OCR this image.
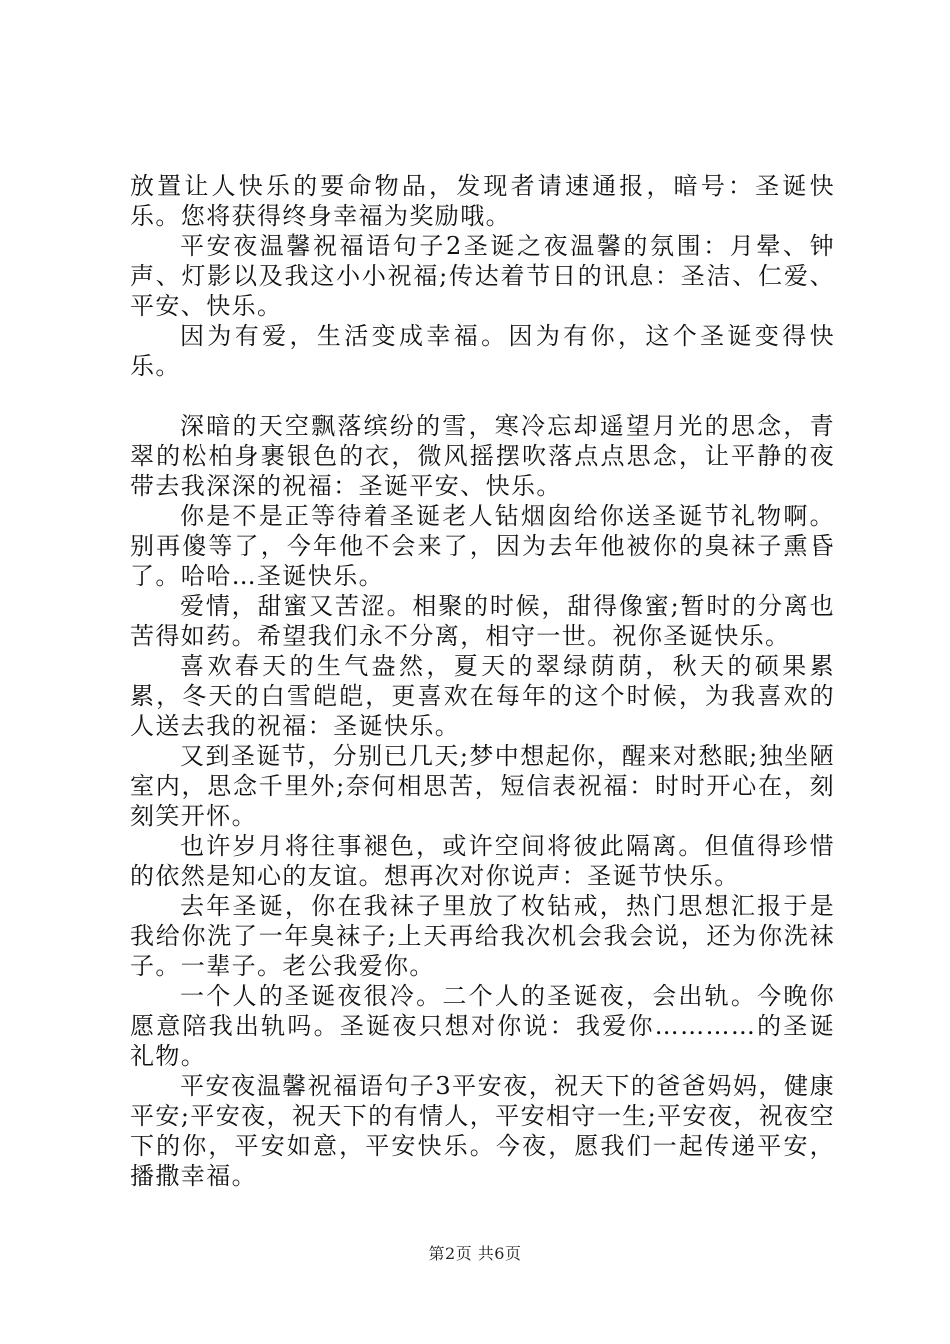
放置让人快乐的要命物品，发现者请速通报，暗号：圣诞快乐。您将获得终身幸福为奖励哦。

平安夜温馨祝福语句子2圣诞之夜温馨的氛围：月晕、钟声、灯影以及我这小小祝福;传达着节日的讯息：圣洁、仁爱、平安、快乐。

因为有爱，生活变成幸福。因为有你，这个圣诞变得快乐。

深暗的天空飘落缤纷的雪，寒冷忘却遥望月光的思念，青翠的松柏身裹银色的衣，微风摇摆吹落点点思念，让平静的夜带去我深深的祝福：圣诞平安、快乐。

你是不是正等待着圣诞老人钻烟囱给你送圣诞节礼物啊。别再傻等了，今年他不会来了，因为去年他被你的臭袜子熏昏了。哈哈…圣诞快乐。

爱情，甜蜜又苦涩。相聚的时候，甜得像蜜;暂时的分离也苦得如药。希望我们永不分离，相守一世。祝你圣诞快乐。

喜欢春天的生气盎然，夏天的翠绿荫荫，秋天的硕果累累，冬天的白雪皑皑，更喜欢在每年的这个时候，为我喜欢的人送去我的祝福：圣诞快乐。

又到圣诞节，分别已几天;梦中想起你，醒来对愁眠;独坐陋室内，思念千里外;奈何相思苦，短信表祝福：时时开心在，刻刻笑开怀。

也许岁月将往事褪色，或许空间将彼此隔离。但值得珍惜的依然是知心的友谊。想再次对你说声：圣诞节快乐。

去年圣诞，你在我袜子里放了枚钻戒，热门思想汇报于是我给你洗了一年臭袜子;上天再给我次机会我会说，还为你洗袜子。一辈子。老公我爱你。

一个人的圣诞夜很冷。二个人的圣诞夜，会出轨。今晚你愿意陪我出轨吗。圣诞夜只想对你说：我爱你…………的圣诞礼物。

平安夜温馨祝福语句子3平安夜，祝天下的爸爸妈妈，健康平安;平安夜，祝天下的有情人，平安相守一生;平安夜，祝夜空下的你，平安如意，平安快乐。今夜，愿我们一起传递平安，播撒幸福。

第2页 共6页
